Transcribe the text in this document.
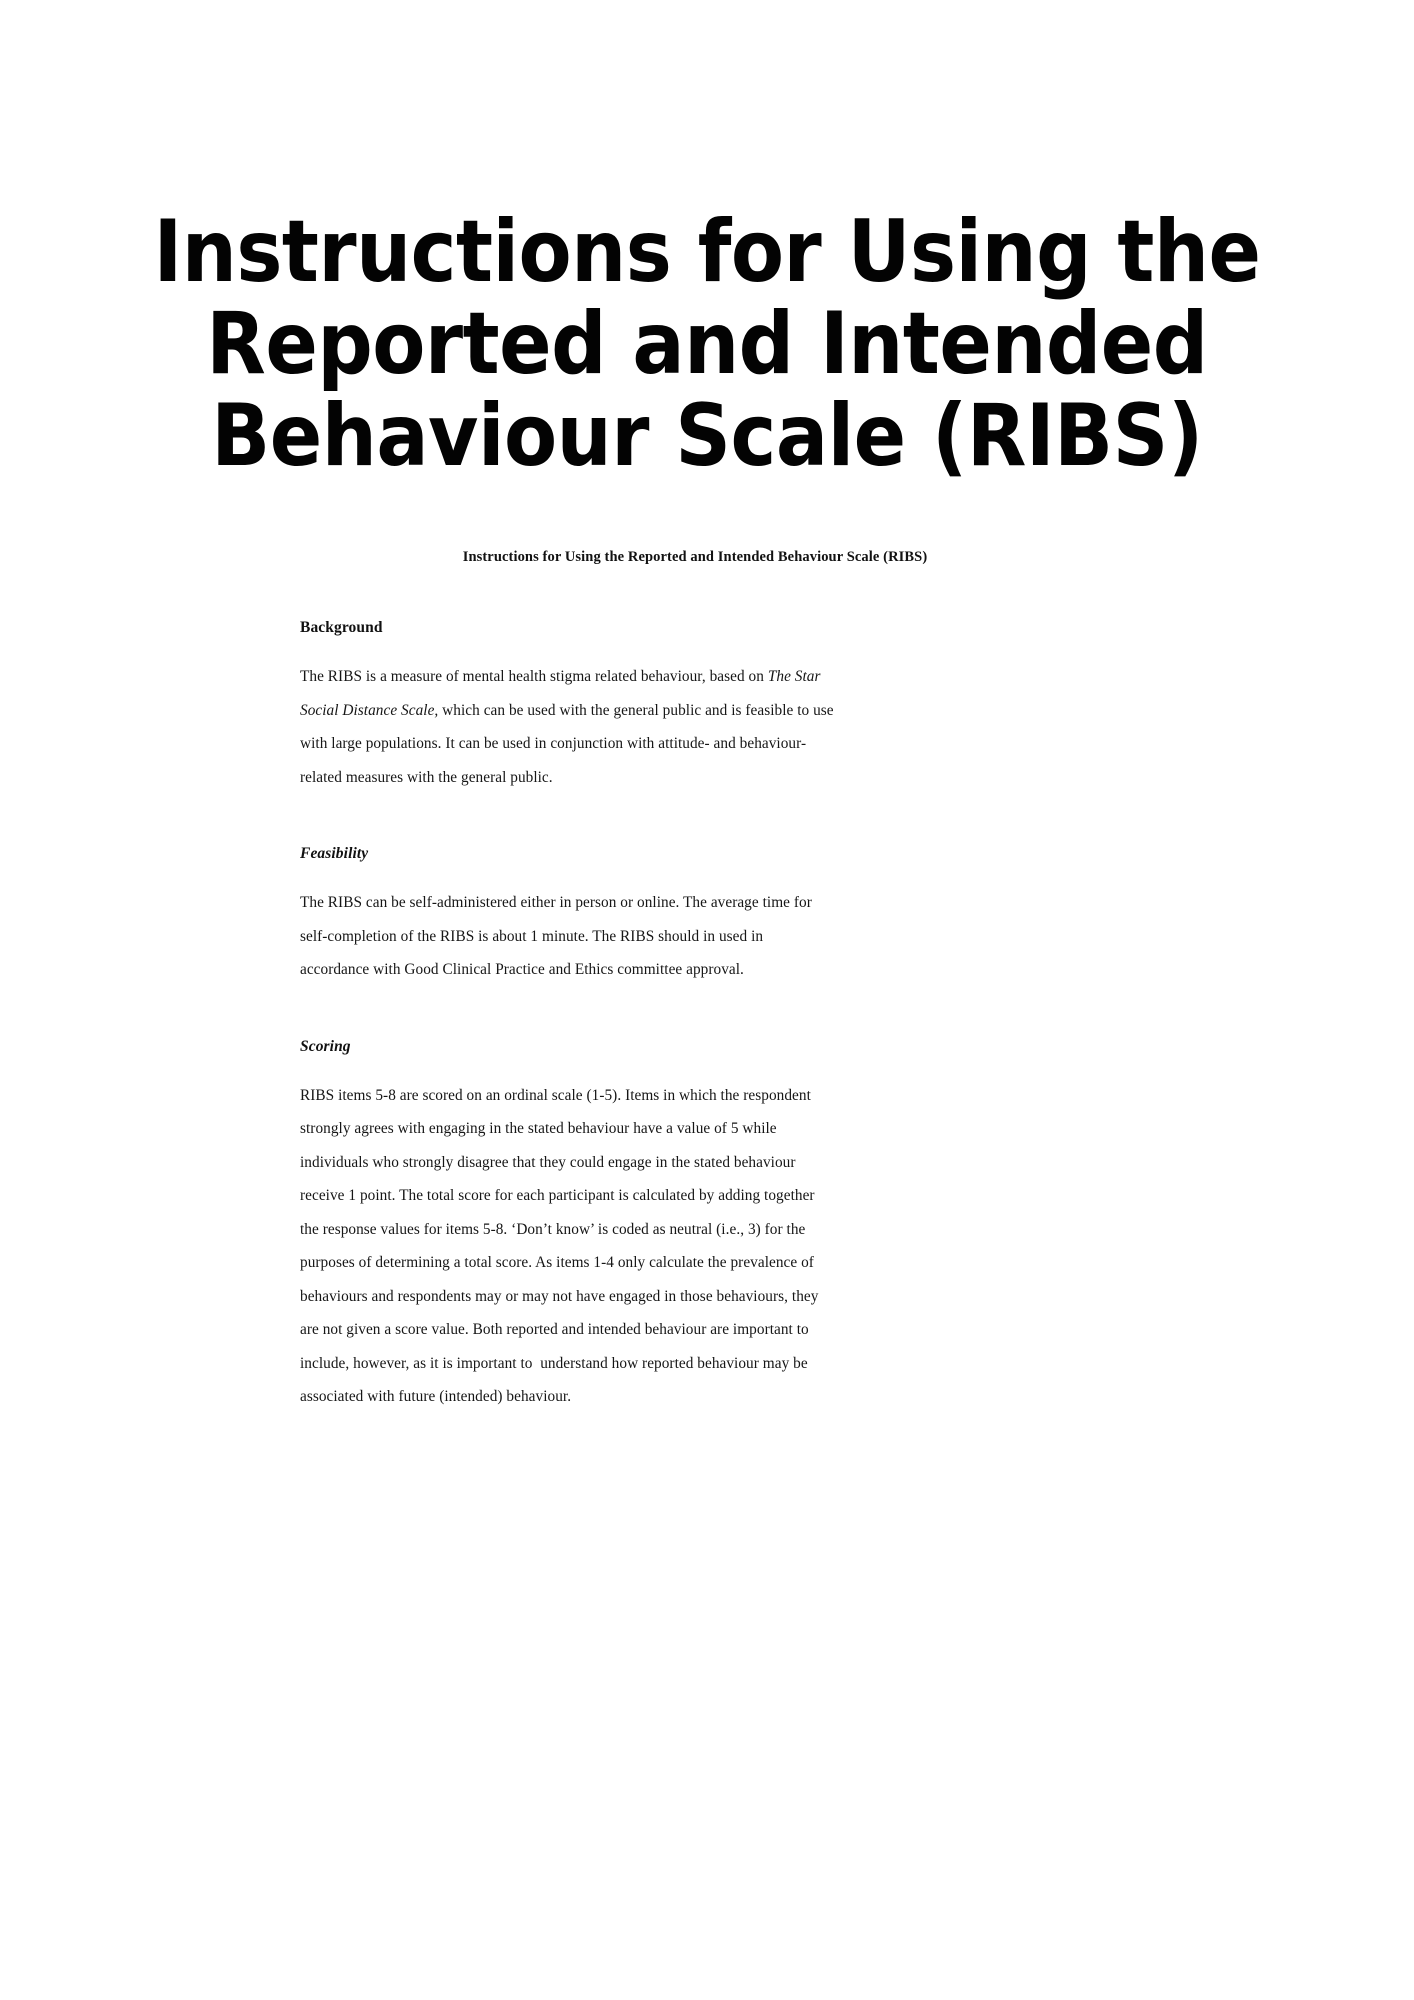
Instructions for Using the
Reported and Intended
Behaviour Scale (RIBS)
Instructions for Using the Reported and Intended Behaviour Scale (RIBS)
Background
The RIBS is a measure of mental health stigma related behaviour, based on The Star
Social Distance Scale, which can be used with the general public and is feasible to use
with large populations. It can be used in conjunction with attitude- and behaviour-
related measures with the general public.
Feasibility
The RIBS can be self-administered either in person or online. The average time for
self-completion of the RIBS is about 1 minute. The RIBS should in used in
accordance with Good Clinical Practice and Ethics committee approval.
Scoring
RIBS items 5-8 are scored on an ordinal scale (1-5). Items in which the respondent
strongly agrees with engaging in the stated behaviour have a value of 5 while
individuals who strongly disagree that they could engage in the stated behaviour
receive 1 point. The total score for each participant is calculated by adding together
the response values for items 5-8. ‘Don’t know’ is coded as neutral (i.e., 3) for the
purposes of determining a total score. As items 1-4 only calculate the prevalence of
behaviours and respondents may or may not have engaged in those behaviours, they
are not given a score value. Both reported and intended behaviour are important to
include, however, as it is important to  understand how reported behaviour may be
associated with future (intended) behaviour.
